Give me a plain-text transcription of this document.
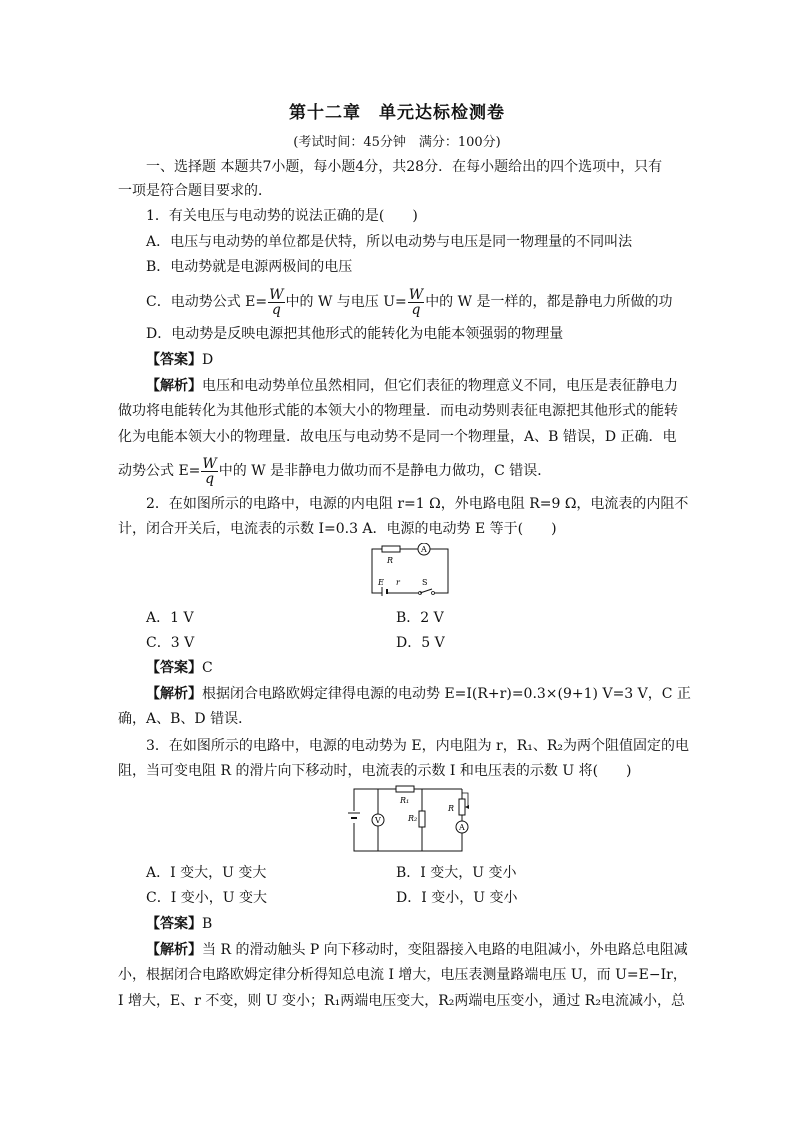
第十二章　单元达标检测卷
(考试时间：45分钟　满分：100分)
一、选择题 本题共7小题，每小题4分，共28分．在每小题给出的四个选项中，只有
一项是符合题目要求的．
1．有关电压与电动势的说法正确的是(　　)
A．电压与电动势的单位都是伏特，所以电动势与电压是同一物理量的不同叫法
B．电动势就是电源两极间的电压
C．电动势公式 $E= \frac{W}{q}$ 中的 W 与电压 $U= \frac{W}{q}$ 中的 W 是一样的，都是静电力所做的功
D．电动势是反映电源把其他形式的能转化为电能本领强弱的物理量
【答案】D
【解析】电压和电动势单位虽然相同，但它们表征的物理意义不同，电压是表征静电力
做功将电能转化为其他形式能的本领大小的物理量．而电动势则表征电源把其他形式的能转
化为电能本领大小的物理量．故电压与电动势不是同一个物理量，A、B 错误，D 正确．电
动势公式 $E= \frac{W}{q}$ 中的 W 是非静电力做功而不是静电力做功，C 错误．
2．在如图所示的电路中，电源的内电阻 r=1 Ω，外电路电阻 R=9 Ω，电流表的内阻不
计，闭合开关后，电流表的示数 I=0.3 A．电源的电动势 E 等于(　　)
R
A
E r	S
A．1 V	B．2 V
C．3 V	D．5 V
【答案】C
【解析】根据闭合电路欧姆定律得电源的电动势 E=I(R+r)=0.3×(9+1) V=3 V，C 正
确，A、B、D 错误．
3．在如图所示的电路中，电源的电动势为 E，内电阻为 r，R₁、R₂为两个阻值固定的电
阻，当可变电阻 R 的滑片向下移动时，电流表的示数 I 和电压表的示数 U 将(　　)
V
R₁
R₂
R
A
A．I 变大，U 变大	B．I 变大，U 变小
C．I 变小，U 变大	D．I 变小，U 变小
【答案】B
【解析】当 R 的滑动触头 P 向下移动时，变阻器接入电路的电阻减小，外电路总电阻减
小，根据闭合电路欧姆定律分析得知总电流 I 增大，电压表测量路端电压 U，而 U=E−Ir，
I 增大，E、r 不变，则 U 变小；R₁两端电压变大，R₂两端电压变小，通过 R₂电流减小，总
